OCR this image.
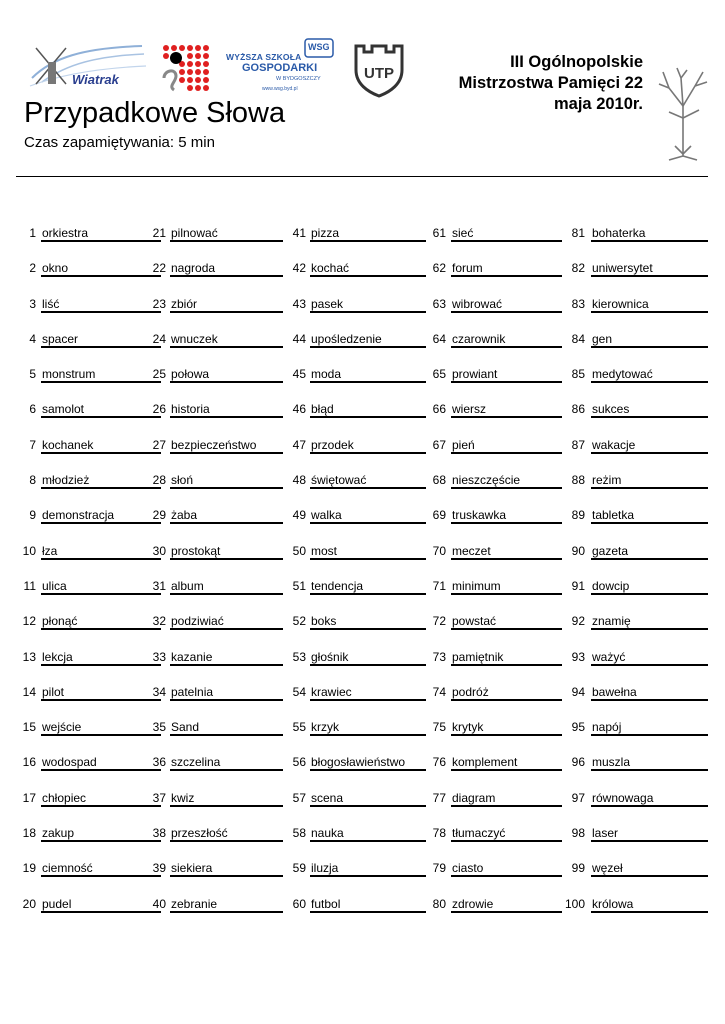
Wiatrak
WSG
WYŻSZA SZKOŁA
GOSPODARKI
W BYDGOSZCZY
www.wsg.byd.pl
UTP
III Ogólnopolskie
Mistrzostwa Pamięci 22
maja 2010r.
Przypadkowe Słowa
Czas zapamiętywania: 5 min
1 orkiestra
2 okno
3 liść
4 spacer
5 monstrum
6 samolot
7 kochanek
8 młodzież
9 demonstracja
10 łza
11 ulica
12 płonąć
13 lekcja
14 pilot
15 wejście
16 wodospad
17 chłopiec
18 zakup
19 ciemność
20 pudel
21 pilnować
22 nagroda
23 zbiór
24 wnuczek
25 połowa
26 historia
27 bezpieczeństwo
28 słoń
29 żaba
30 prostokąt
31 album
32 podziwiać
33 kazanie
34 patelnia
35 Sand
36 szczelina
37 kwiz
38 przeszłość
39 siekiera
40 zebranie
41 pizza
42 kochać
43 pasek
44 upośledzenie
45 moda
46 błąd
47 przodek
48 świętować
49 walka
50 most
51 tendencja
52 boks
53 głośnik
54 krawiec
55 krzyk
56 błogosławieństwo
57 scena
58 nauka
59 iluzja
60 futbol
61 sieć
62 forum
63 wibrować
64 czarownik
65 prowiant
66 wiersz
67 pień
68 nieszczęście
69 truskawka
70 meczet
71 minimum
72 powstać
73 pamiętnik
74 podróż
75 krytyk
76 komplement
77 diagram
78 tłumaczyć
79 ciasto
80 zdrowie
81 bohaterka
82 uniwersytet
83 kierownica
84 gen
85 medytować
86 sukces
87 wakacje
88 reżim
89 tabletka
90 gazeta
91 dowcip
92 znamię
93 ważyć
94 bawełna
95 napój
96 muszla
97 równowaga
98 laser
99 węzeł
100 królowa
